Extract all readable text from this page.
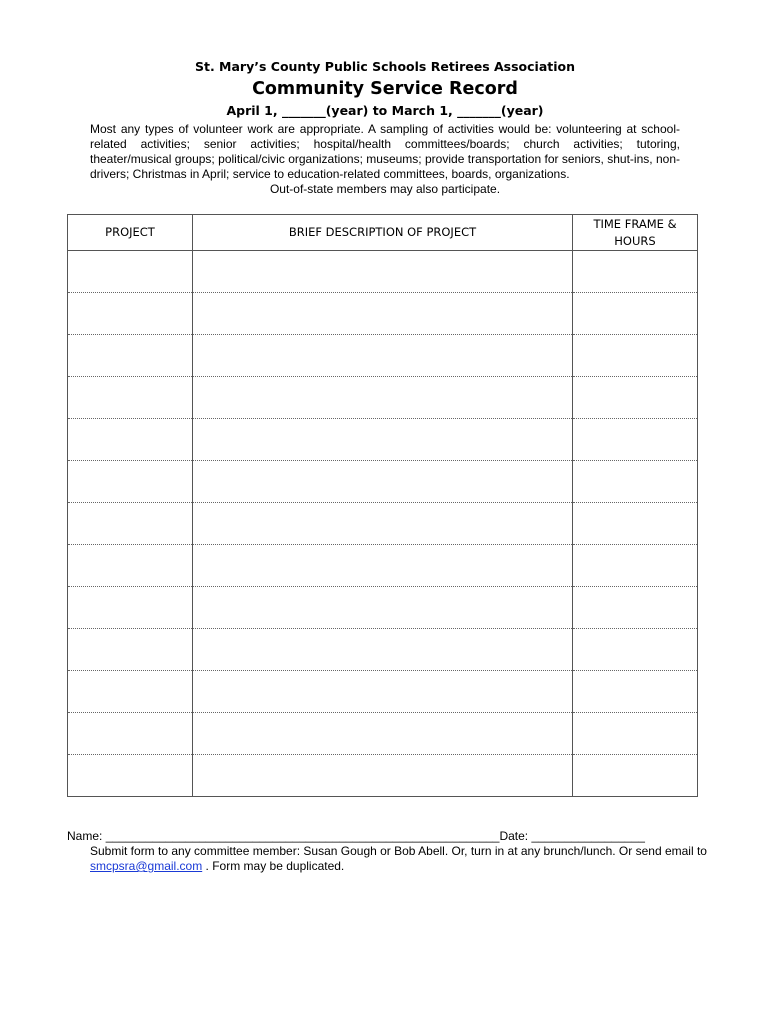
St. Mary’s County Public Schools Retirees Association
Community Service Record
April 1, _______(year) to March 1, _______(year)
Most any types of volunteer work are appropriate. A sampling of activities would be: volunteering at school-related activities; senior activities; hospital/health committees/boards; church activities; tutoring, theater/musical groups; political/civic organizations; museums; provide transportation for seniors, shut-ins, non-drivers; Christmas in April; service to education-related committees, boards, organizations.
Out-of-state members may also participate.
PROJECT	BRIEF DESCRIPTION OF PROJECT	TIME FRAME & HOURS

Name: ___________________________________________________________Date: _________________
Submit form to any committee member: Susan Gough or Bob Abell. Or, turn in at any brunch/lunch. Or send email to smcpsra@gmail.com . Form may be duplicated.
